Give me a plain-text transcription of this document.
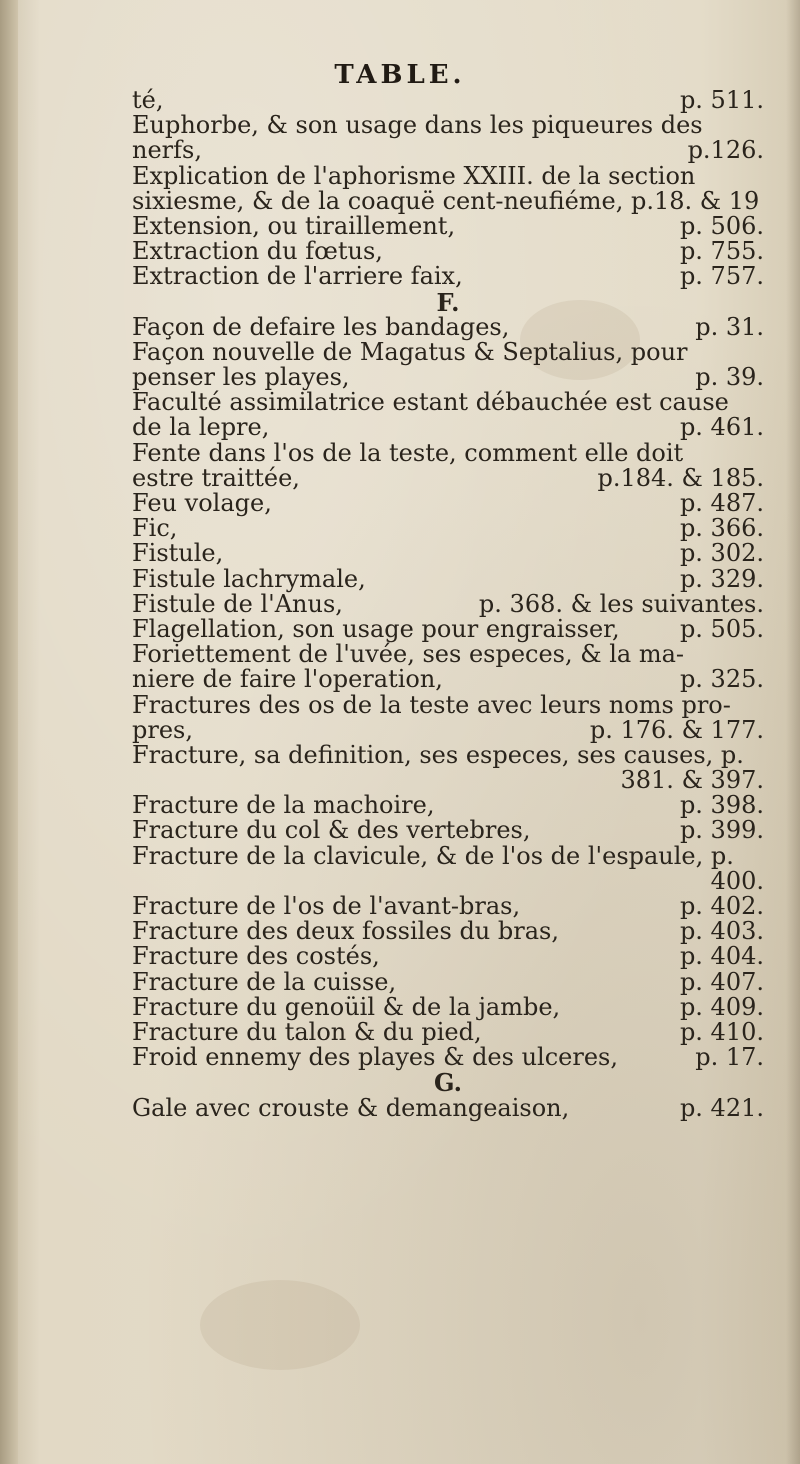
TABLE.
té,	p. 511.
Euphorbe, & son usage dans les piqueures des
nerfs,	p.126.
Explication de l'aphorisme XXIII. de la section
sixiesme, & de la coaquë cent-neufiéme, p.18. & 19
Extension, ou tiraillement,	p. 506.
Extraction du fœtus,	p. 755.
Extraction de l'arriere faix,	p. 757.
F.
Façon de defaire les bandages,	p. 31.
Façon nouvelle de Magatus & Septalius, pour
penser les playes,	p. 39.
Faculté assimilatrice estant débauchée est cause
de la lepre,	p. 461.
Fente dans l'os de la teste, comment elle doit
estre traittée,	p.184. & 185.
Feu volage,	p. 487.
Fic,	p. 366.
Fistule,	p. 302.
Fistule lachrymale,	p. 329.
Fistule de l'Anus,	p. 368. & les suivantes.
Flagellation, son usage pour engraisser,	p. 505.
Foriettement de l'uvée, ses especes, & la ma-
niere de faire l'operation,	p. 325.
Fractures des os de la teste avec leurs noms pro-
pres,	p. 176. & 177.
Fracture, sa definition, ses especes, ses causes, p.
381. & 397.
Fracture de la machoire,	p. 398.
Fracture du col & des vertebres,	p. 399.
Fracture de la clavicule, & de l'os de l'espaule, p.
400.
Fracture de l'os de l'avant-bras,	p. 402.
Fracture des deux fossiles du bras,	p. 403.
Fracture des costés,	p. 404.
Fracture de la cuisse,	p. 407.
Fracture du genoüil & de la jambe,	p. 409.
Fracture du talon & du pied,	p. 410.
Froid ennemy des playes & des ulceres,	p. 17.
G.
Gale avec crouste & demangeaison,	p. 421.
